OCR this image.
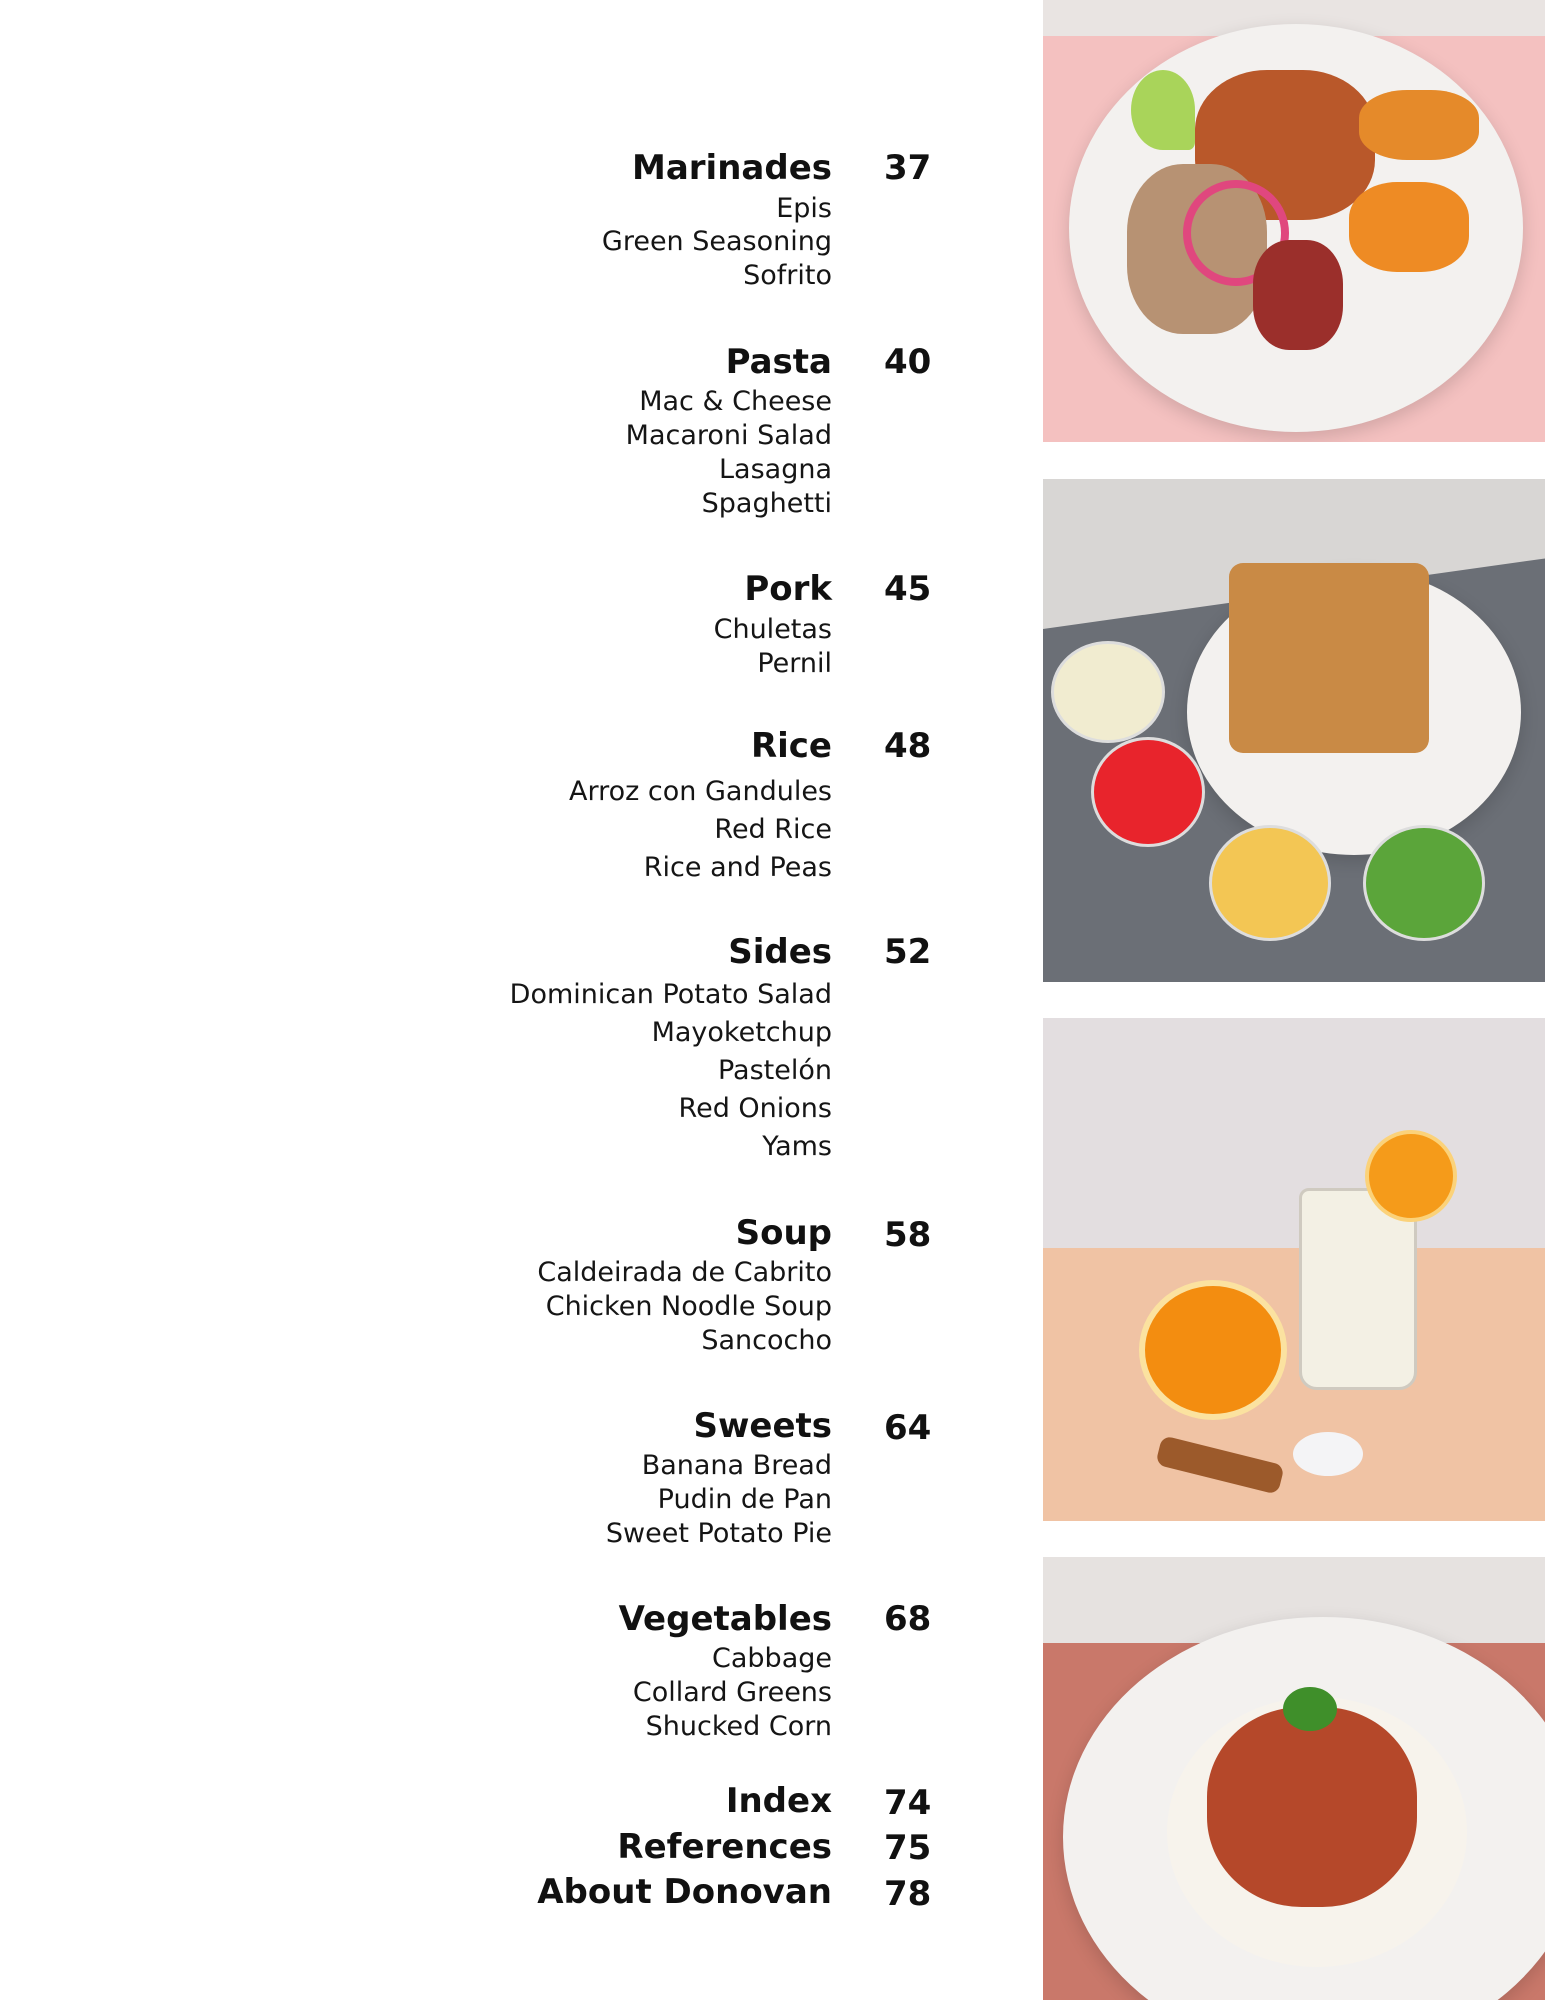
Marinades 37
Epis
Green Seasoning
Sofrito
Pasta 40
Mac & Cheese
Macaroni Salad
Lasagna
Spaghetti
Pork 45
Chuletas
Pernil
Rice 48
Arroz con Gandules
Red Rice
Rice and Peas
Sides 52
Dominican Potato Salad
Mayoketchup
Pastelón
Red Onions
Yams
Soup 58
Caldeirada de Cabrito
Chicken Noodle Soup
Sancocho
Sweets 64
Banana Bread
Pudin de Pan
Sweet Potato Pie
Vegetables 68
Cabbage
Collard Greens
Shucked Corn
Index 74
References 75
About Donovan 78
